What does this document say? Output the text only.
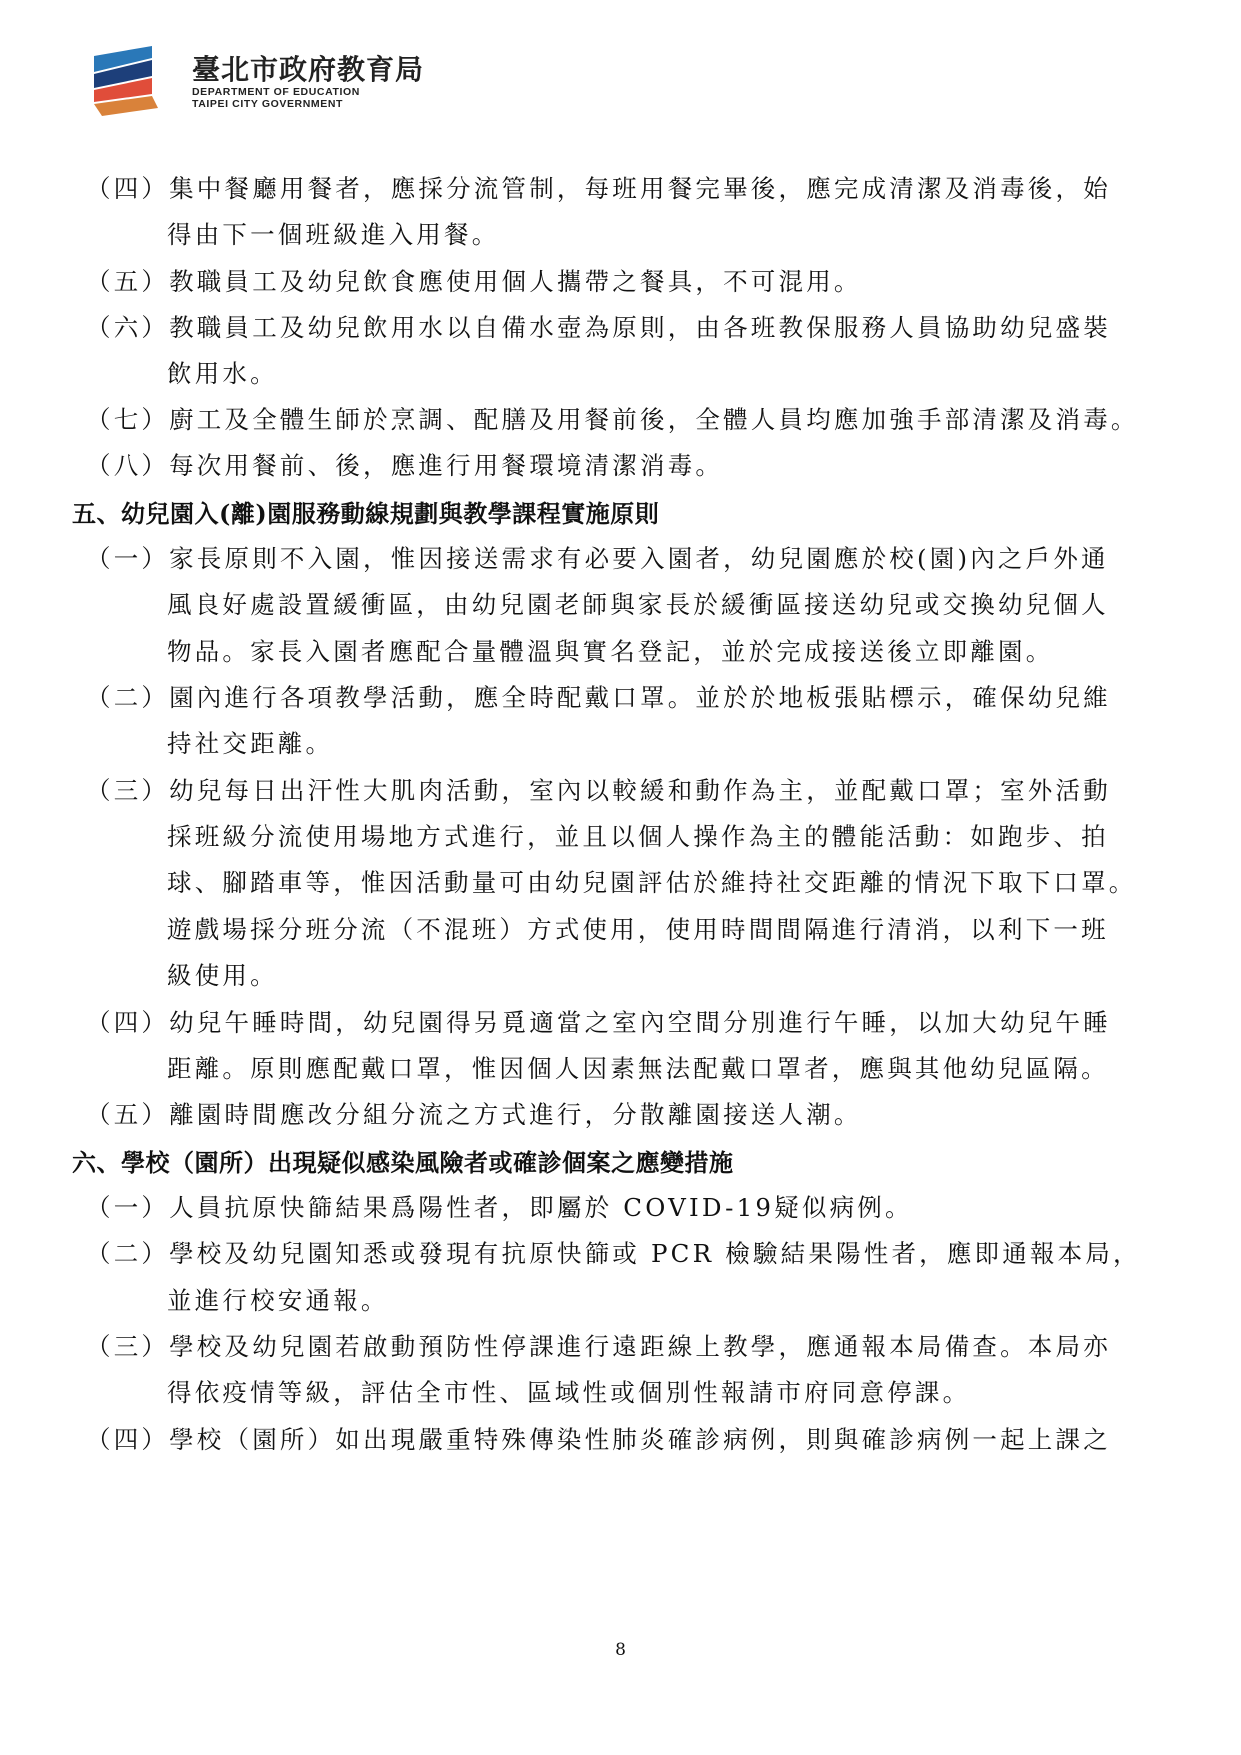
臺北市政府教育局
DEPARTMENT OF EDUCATION
TAIPEI CITY GOVERNMENT
（四）集中餐廳用餐者，應採分流管制，每班用餐完畢後，應完成清潔及消毒後，始
得由下一個班級進入用餐。
（五）教職員工及幼兒飲食應使用個人攜帶之餐具，不可混用。
（六）教職員工及幼兒飲用水以自備水壺為原則，由各班教保服務人員協助幼兒盛裝
飲用水。
（七）廚工及全體生師於烹調、配膳及用餐前後，全體人員均應加強手部清潔及消毒。
（八）每次用餐前、後，應進行用餐環境清潔消毒。
五、幼兒園入(離)園服務動線規劃與教學課程實施原則
（一）家長原則不入園，惟因接送需求有必要入園者，幼兒園應於校(園)內之戶外通
風良好處設置緩衝區，由幼兒園老師與家長於緩衝區接送幼兒或交換幼兒個人
物品。家長入園者應配合量體溫與實名登記，並於完成接送後立即離園。
（二）園內進行各項教學活動，應全時配戴口罩。並於於地板張貼標示，確保幼兒維
持社交距離。
（三）幼兒每日出汗性大肌肉活動，室內以較緩和動作為主，並配戴口罩；室外活動
採班級分流使用場地方式進行，並且以個人操作為主的體能活動：如跑步、拍
球、腳踏車等，惟因活動量可由幼兒園評估於維持社交距離的情況下取下口罩。
遊戲場採分班分流（不混班）方式使用，使用時間間隔進行清消，以利下一班
級使用。
（四）幼兒午睡時間，幼兒園得另覓適當之室內空間分別進行午睡，以加大幼兒午睡
距離。原則應配戴口罩，惟因個人因素無法配戴口罩者，應與其他幼兒區隔。
（五）離園時間應改分組分流之方式進行，分散離園接送人潮。
六、學校（園所）出現疑似感染風險者或確診個案之應變措施
（一）人員抗原快篩結果爲陽性者，即屬於 COVID-19疑似病例。
（二）學校及幼兒園知悉或發現有抗原快篩或 PCR 檢驗結果陽性者，應即通報本局，
並進行校安通報。
（三）學校及幼兒園若啟動預防性停課進行遠距線上教學，應通報本局備查。本局亦
得依疫情等級，評估全市性、區域性或個別性報請市府同意停課。
（四）學校（園所）如出現嚴重特殊傳染性肺炎確診病例，則與確診病例一起上課之
8
